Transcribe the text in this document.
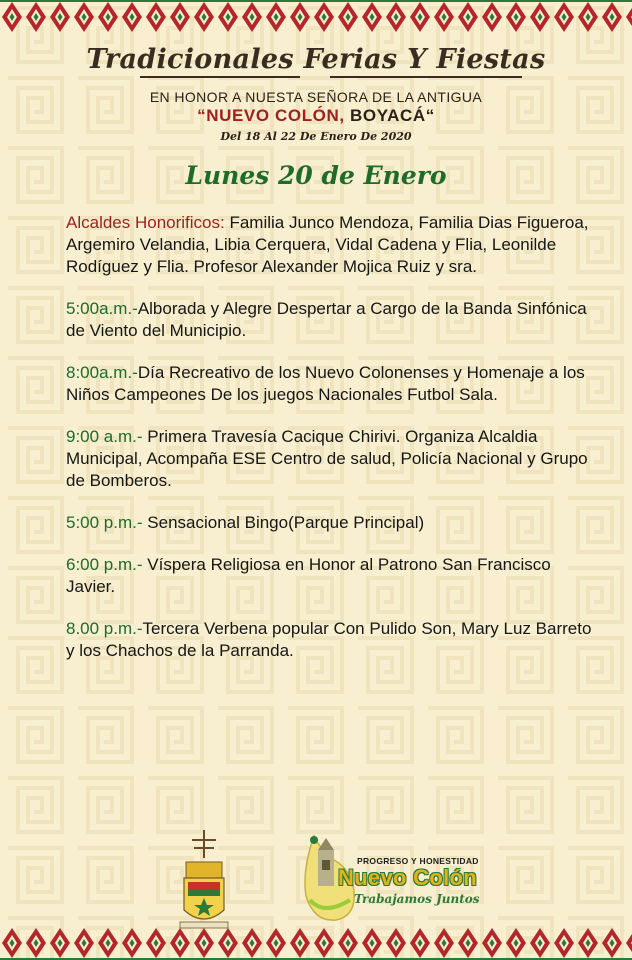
Tradicionales Ferias Y Fiestas
EN HONOR A NUESTA SEÑORA DE LA ANTIGUA
“NUEVO COLÓN, BOYACÁ“
Del 18 Al 22 De Enero De 2020
Lunes 20 de Enero

Alcaldes Honorificos: Familia Junco Mendoza, Familia Dias Figueroa, Argemiro Velandia, Libia Cerquera, Vidal Cadena y Flia, Leonilde Rodíguez y Flia. Profesor Alexander Mojica Ruiz y sra.

5:00a.m.-Alborada y Alegre Despertar a Cargo de la Banda Sinfónica de Viento del Municipio.

8:00a.m.-Día Recreativo de los Nuevo Colonenses y Homenaje a los Niños Campeones De los juegos Nacionales Futbol Sala.

9:00 a.m.- Primera Travesía Cacique Chirivi. Organiza Alcaldia Municipal, Acompaña ESE Centro de salud, Policía Nacional y Grupo de Bomberos.

5:00 p.m.- Sensacional Bingo(Parque Principal)

6:00 p.m.- Víspera Religiosa en Honor al Patrono San Francisco Javier.

8.00 p.m.-Tercera Verbena popular Con Pulido Son, Mary Luz Barreto y los Chachos de la Parranda.

PROGRESO Y HONESTIDAD
Nuevo Colón
Trabajamos Juntos
